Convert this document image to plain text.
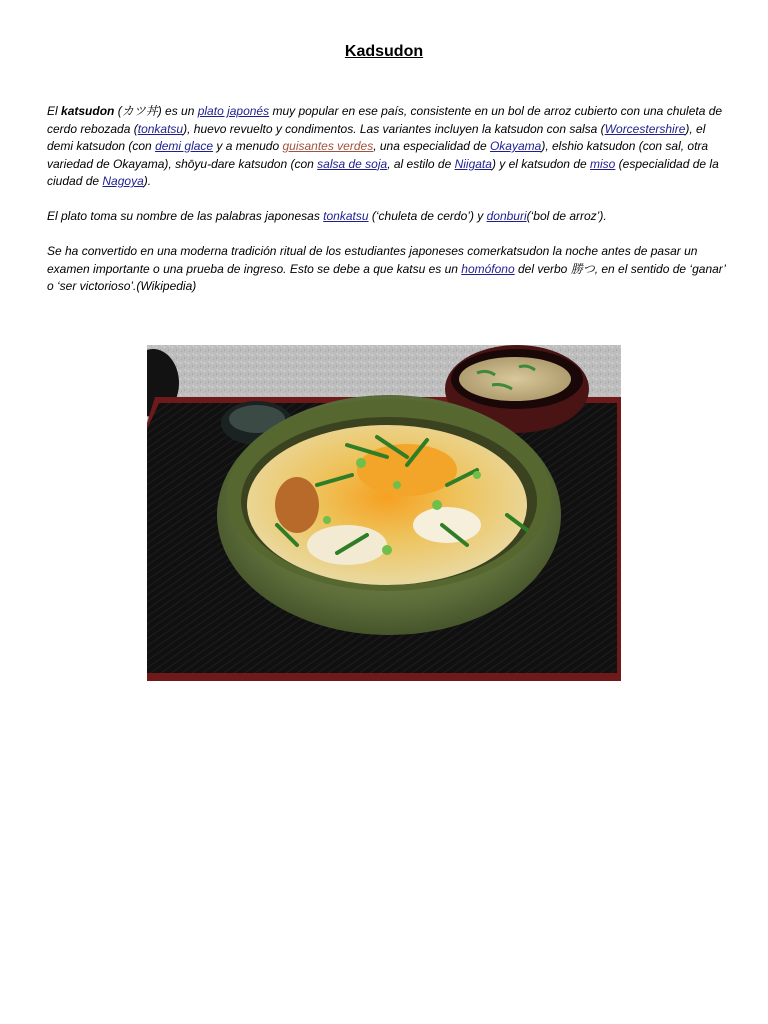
Kadsudon
El katsudon (カツ丼) es un plato japonés muy popular en ese país, consistente en un bol de arroz cubierto con una chuleta de cerdo rebozada (tonkatsu), huevo revuelto y condimentos. Las variantes incluyen la katsudon con salsa (Worcestershire), el demi katsudon (con demi glace y a menudo guisantes verdes, una especialidad de Okayama), elshio katsudon (con sal, otra variedad de Okayama), shōyu-dare katsudon (con salsa de soja, al estilo de Niigata) y el katsudon de miso (especialidad de la ciudad de Nagoya).
El plato toma su nombre de las palabras japonesas tonkatsu (‘chuleta de cerdo’) y donburi(‘bol de arroz’).
Se ha convertido en una moderna tradición ritual de los estudiantes japoneses comerkatsudon la noche antes de pasar un examen importante o una prueba de ingreso. Esto se debe a que katsu es un homófono del verbo 勝つ, en el sentido de ‘ganar’ o ‘ser victorioso’.(Wikipedia)
